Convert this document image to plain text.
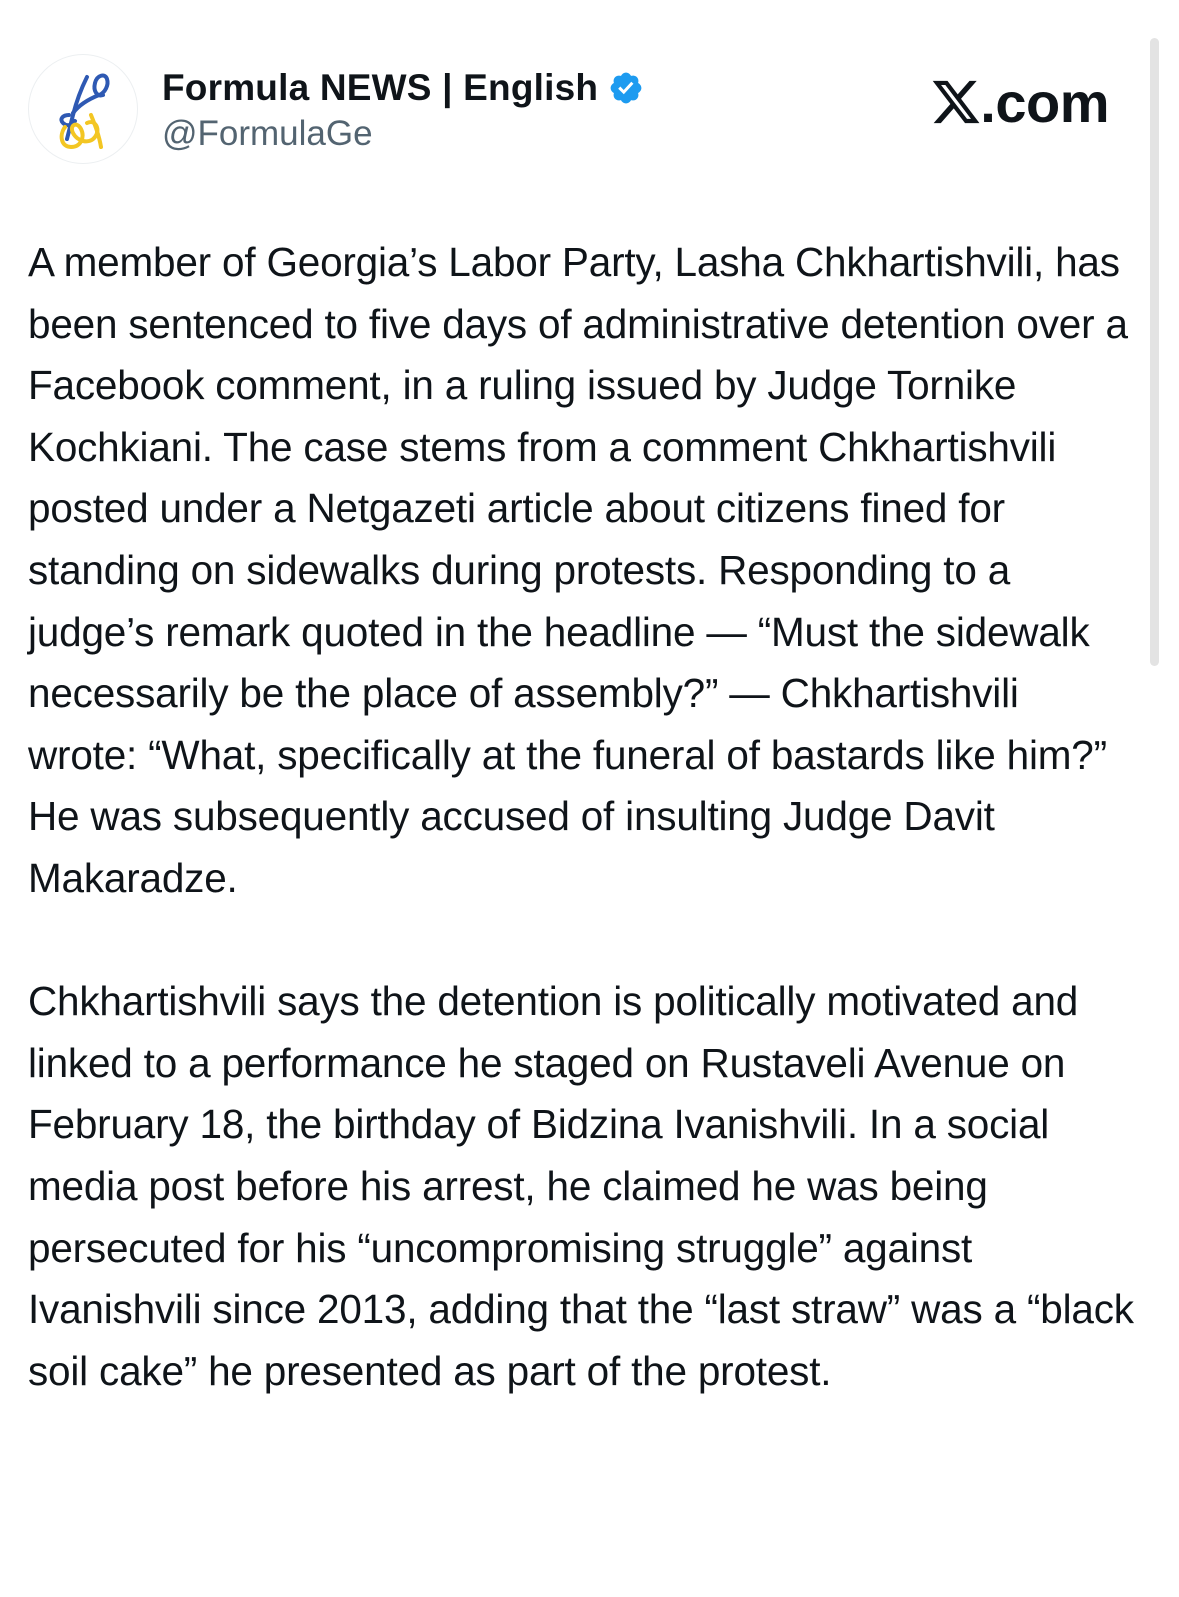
Formula NEWS | English
@FormulaGe	.com

A member of Georgia’s Labor Party, Lasha Chkhartishvili, has been sentenced to five days of administrative detention over a Facebook comment, in a ruling issued by Judge Tornike Kochkiani. The case stems from a comment Chkhartishvili posted under a Netgazeti article about citizens fined for standing on sidewalks during protests. Responding to a judge’s remark quoted in the headline — “Must the sidewalk necessarily be the place of assembly?” — Chkhartishvili wrote: “What, specifically at the funeral of bastards like him?” He was subsequently accused of insulting Judge Davit Makaradze.

Chkhartishvili says the detention is politically motivated and linked to a performance he staged on Rustaveli Avenue on February 18, the birthday of Bidzina Ivanishvili. In a social media post before his arrest, he claimed he was being persecuted for his “uncompromising struggle” against Ivanishvili since 2013, adding that the “last straw” was a “black soil cake” he presented as part of the protest.
